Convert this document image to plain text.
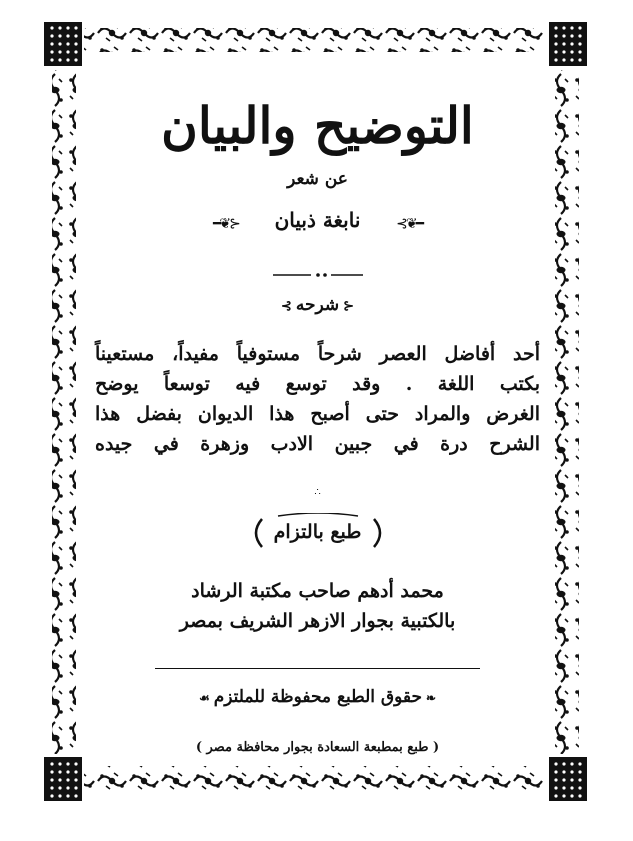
التوضيح والبيان
عن شعر
⊰❦━
نابغة ذبيان
━❦⊱
⊱شرحه⊰
أحد أفاضل العصر شرحاً مستوفياً مفيداً، مستعيناً
بكتب اللغة . وقد توسع فيه توسعاً يوضح
الغرض والمراد حتى أصبح هذا الديوان بفضل هذا
الشرح درة في جبين الادب وزهرة في جيده
∴
طبع بالتزام
محمد أدهم صاحب مكتبة الرشاد
بالكتبية بجوار الازهر الشريف بمصر
❧حقوق الطبع محفوظة للملتزم☙
( طبع بمطبعة السعادة بجوار محافظة مصر )
